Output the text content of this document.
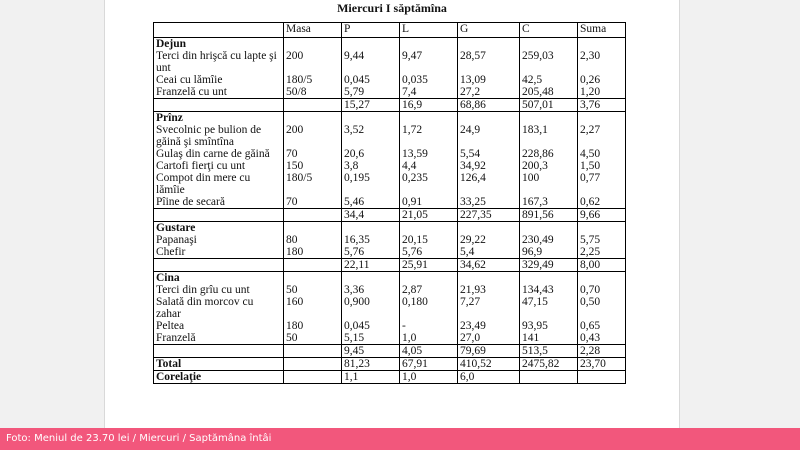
Miercuri I săptămîna
	Masa	P	L	G	C	Suma
Dejun						
Terci din hrişcă cu lapte şi unt	200	9,44	9,47	28,57	259,03	2,30
Ceai cu lămîie	180/5	0,045	0,035	13,09	42,5	0,26
Franzelă cu unt	50/8	5,79	7,4	27,2	205,48	1,20
		15,27	16,9	68,86	507,01	3,76
Prînz						
Svecolnic pe bulion de găină şi smîntîna	200	3,52	1,72	24,9	183,1	2,27
Gulaş din carne de găină	70	20,6	13,59	5,54	228,86	4,50
Cartofi fierţi cu unt	150	3,8	4,4	34,92	200,3	1,50
Compot din mere cu lămîie	180/5	0,195	0,235	126,4	100	0,77
Pîine de secară	70	5,46	0,91	33,25	167,3	0,62
		34,4	21,05	227,35	891,56	9,66
Gustare						
Papanaşi	80	16,35	20,15	29,22	230,49	5,75
Chefir	180	5,76	5,76	5,4	96,9	2,25
		22,11	25,91	34,62	329,49	8,00
Cina						
Terci din grîu cu unt	50	3,36	2,87	21,93	134,43	0,70
Salată din morcov cu zahar	160	0,900	0,180	7,27	47,15	0,50
Peltea	180	0,045	-	23,49	93,95	0,65
Franzelă	50	5,15	1,0	27,0	141	0,43
		9,45	4,05	79,69	513,5	2,28
Total		81,23	67,91	410,52	2475,82	23,70
Corelaţie		1,1	1,0	6,0		
Foto: Meniul de 23.70 lei / Miercuri / Saptămâna întâi
